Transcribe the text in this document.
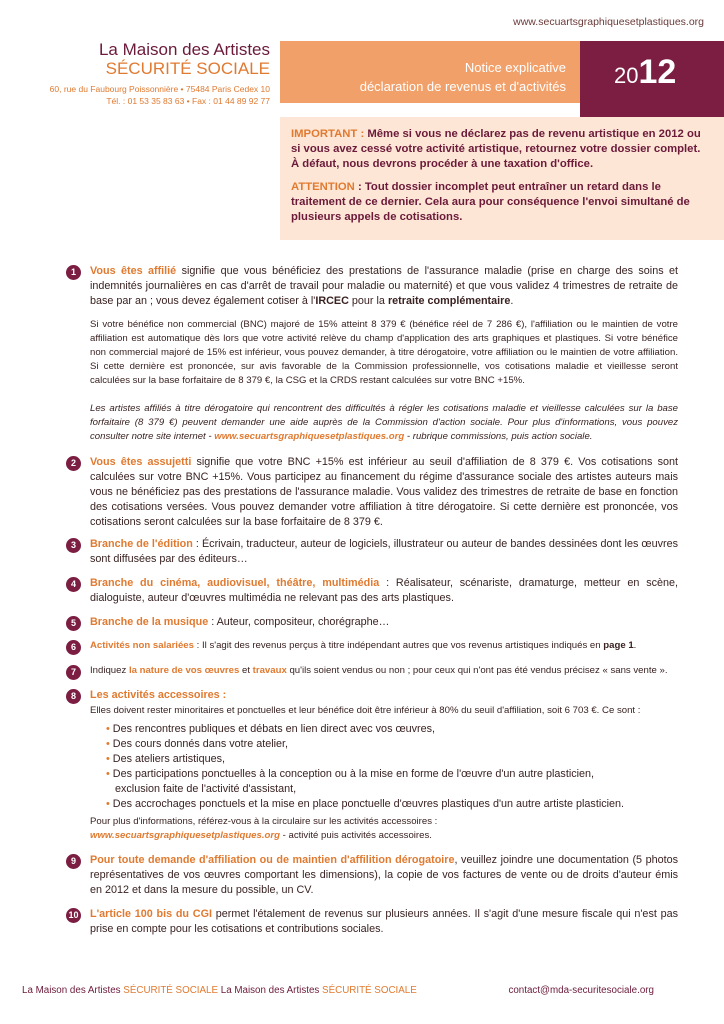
www.secuartsgraphiquesetplastiques.org
La Maison des Artistes
SÉCURITÉ SOCIALE
60, rue du Faubourg Poissonnière • 75484 Paris Cedex 10
Tél. : 01 53 35 83 63 • Fax : 01 44 89 92 77
Notice explicative
déclaration de revenus et d'activités 2012

IMPORTANT : Même si vous ne déclarez pas de revenu artistique en 2012 ou si vous avez cessé votre activité artistique, retournez votre dossier complet. À défaut, nous devrons procéder à une taxation d'office.

ATTENTION : Tout dossier incomplet peut entraîner un retard dans le traitement de ce dernier. Cela aura pour conséquence l'envoi simultané de plusieurs appels de cotisations.

1	Vous êtes affilié signifie que vous bénéficiez des prestations de l'assurance maladie (prise en charge des soins et indemnités journalières en cas d'arrêt de travail pour maladie ou maternité) et que vous validez 4 trimestres de retraite de base par an ; vous devez également cotiser à l'IRCEC pour la retraite complémentaire.
Si votre bénéfice non commercial (BNC) majoré de 15% atteint 8 379 € (bénéfice réel de 7 286 €), l'affiliation ou le maintien de votre affiliation est automatique dès lors que votre activité relève du champ d'application des arts graphiques et plastiques. Si votre bénéfice non commercial majoré de 15% est inférieur, vous pouvez demander, à titre dérogatoire, votre affiliation ou le maintien de votre affiliation. Si cette dernière est prononcée, sur avis favorable de la Commission professionnelle, vos cotisations maladie et vieillesse seront calculées sur la base forfaitaire de 8 379 €, la CSG et la CRDS restant calculées sur votre BNC +15%.
Les artistes affiliés à titre dérogatoire qui rencontrent des difficultés à régler les cotisations maladie et vieillesse calculées sur la base forfaitaire (8 379 €) peuvent demander une aide auprès de la Commission d'action sociale. Pour plus d'informations, vous pouvez consulter notre site internet - www.secuartsgraphiquesetplastiques.org - rubrique commissions, puis action sociale.
2	Vous êtes assujetti signifie que votre BNC +15% est inférieur au seuil d'affiliation de 8 379 €. Vos cotisations sont calculées sur votre BNC +15%. Vous participez au financement du régime d'assurance sociale des artistes auteurs mais vous ne bénéficiez pas des prestations de l'assurance maladie. Vous validez des trimestres de retraite de base en fonction des cotisations versées. Vous pouvez demander votre affiliation à titre dérogatoire. Si cette dernière est prononcée, vos cotisations seront calculées sur la base forfaitaire de 8 379 €.
3	Branche de l'édition : Écrivain, traducteur, auteur de logiciels, illustrateur ou auteur de bandes dessinées dont les œuvres sont diffusées par des éditeurs…
4	Branche du cinéma, audiovisuel, théâtre, multimédia : Réalisateur, scénariste, dramaturge, metteur en scène, dialoguiste, auteur d'œuvres multimédia ne relevant pas des arts plastiques.
5	Branche de la musique : Auteur, compositeur, chorégraphe…
6	Activités non salariées : Il s'agit des revenus perçus à titre indépendant autres que vos revenus artistiques indiqués en page 1.
7	Indiquez la nature de vos œuvres et travaux qu'ils soient vendus ou non ; pour ceux qui n'ont pas été vendus précisez « sans vente ».
8	Les activités accessoires :
Elles doivent rester minoritaires et ponctuelles et leur bénéfice doit être inférieur à 80% du seuil d'affiliation, soit 6 703 €. Ce sont :
• Des rencontres publiques et débats en lien direct avec vos œuvres,
• Des cours donnés dans votre atelier,
• Des ateliers artistiques,
• Des participations ponctuelles à la conception ou à la mise en forme de l'œuvre d'un autre plasticien,
exclusion faite de l'activité d'assistant,
• Des accrochages ponctuels et la mise en place ponctuelle d'œuvres plastiques d'un autre artiste plasticien.
Pour plus d'informations, référez-vous à la circulaire sur les activités accessoires :
www.secuartsgraphiquesetplastiques.org - activité puis activités accessoires.
9	Pour toute demande d'affiliation ou de maintien d'affilition dérogatoire, veuillez joindre une documentation (5 photos représentatives de vos œuvres comportant les dimensions), la copie de vos factures de vente ou de droits d'auteur émis en 2012 et dans la mesure du possible, un CV.
10 L'article 100 bis du CGI permet l'étalement de revenus sur plusieurs années. Il s'agit d'une mesure fiscale qui n'est pas prise en compte pour les cotisations et contributions sociales.
La Maison des Artistes SÉCURITÉ SOCIALE La Maison des Artistes SÉCURITÉ SOCIALE	contact@mda-securitesociale.org
